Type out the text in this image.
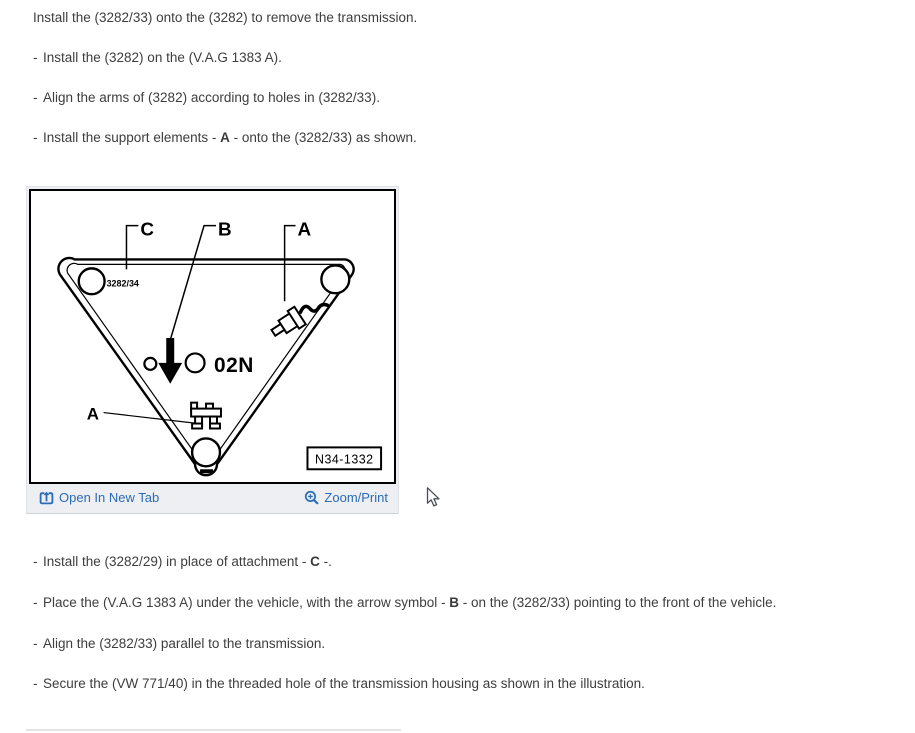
Install the (3282/33) onto the (3282) to remove the transmission.
- Install the (3282) on the (V.A.G 1383 A).
- Align the arms of (3282) according to holes in (3282/33).
- Install the support elements - A - onto the (3282/33) as shown.
3282/34
C	B	A
02N
A
N34-1332
Open In New Tab	Zoom/Print
- Install the (3282/29) in place of attachment - C -.
- Place the (V.A.G 1383 A) under the vehicle, with the arrow symbol - B - on the (3282/33) pointing to the front of the vehicle.
- Align the (3282/33) parallel to the transmission.
- Secure the (VW 771/40) in the threaded hole of the transmission housing as shown in the illustration.
